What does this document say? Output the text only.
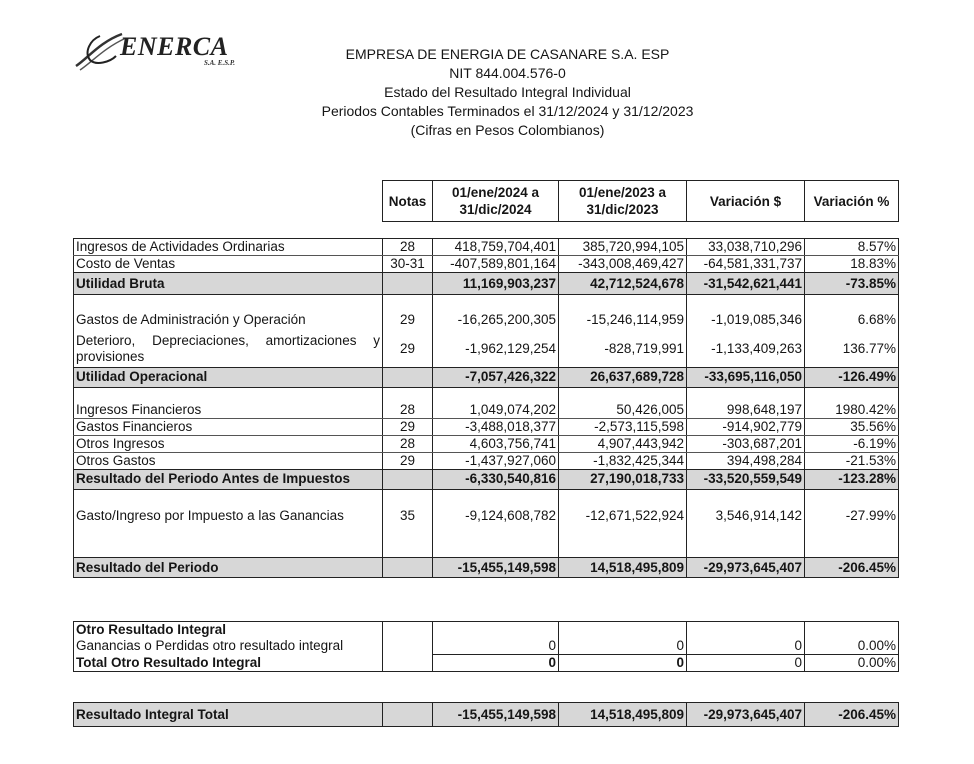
ENERCA
S.A. E.S.P.
EMPRESA DE ENERGIA DE CASANARE S.A. ESP
NIT 844.004.576-0
Estado del Resultado Integral Individual
Periodos Contables Terminados el 31/12/2024 y 31/12/2023
(Cifras en Pesos Colombianos)
Notas	01/ene/2024 a 31/dic/2024	01/ene/2023 a 31/dic/2023	Variación $	Variación %
Ingresos de Actividades Ordinarias	28	418,759,704,401	385,720,994,105	33,038,710,296	8.57%
Costo de Ventas	30-31	-407,589,801,164	-343,008,469,427	-64,581,331,737	18.83%
Utilidad Bruta		11,169,903,237	42,712,524,678	-31,542,621,441	-73.85%

Gastos de Administración y Operación	29	-16,265,200,305	-15,246,114,959	-1,019,085,346	6.68%
Deterioro, Depreciaciones, amortizaciones y provisiones	29	-1,962,129,254	-828,719,991	-1,133,409,263	136.77%
Utilidad Operacional		-7,057,426,322	26,637,689,728	-33,695,116,050	-126.49%

Ingresos Financieros	28	1,049,074,202	50,426,005	998,648,197	1980.42%
Gastos Financieros	29	-3,488,018,377	-2,573,115,598	-914,902,779	35.56%
Otros Ingresos	28	4,603,756,741	4,907,443,942	-303,687,201	-6.19%
Otros Gastos	29	-1,437,927,060	-1,832,425,344	394,498,284	-21.53%
Resultado del Periodo Antes de Impuestos		-6,330,540,816	27,190,018,733	-33,520,559,549	-123.28%
Gasto/Ingreso por Impuesto a las Ganancias	35	-9,124,608,782	-12,671,522,924	3,546,914,142	-27.99%

Resultado del Periodo		-15,455,149,598	14,518,495,809	-29,973,645,407	-206.45%
Otro Resultado Integral					
Ganancias o Perdidas otro resultado integral		0	0	0	0.00%
Total Otro Resultado Integral		0	0	0	0.00%
Resultado Integral Total		-15,455,149,598	14,518,495,809	-29,973,645,407	-206.45%
